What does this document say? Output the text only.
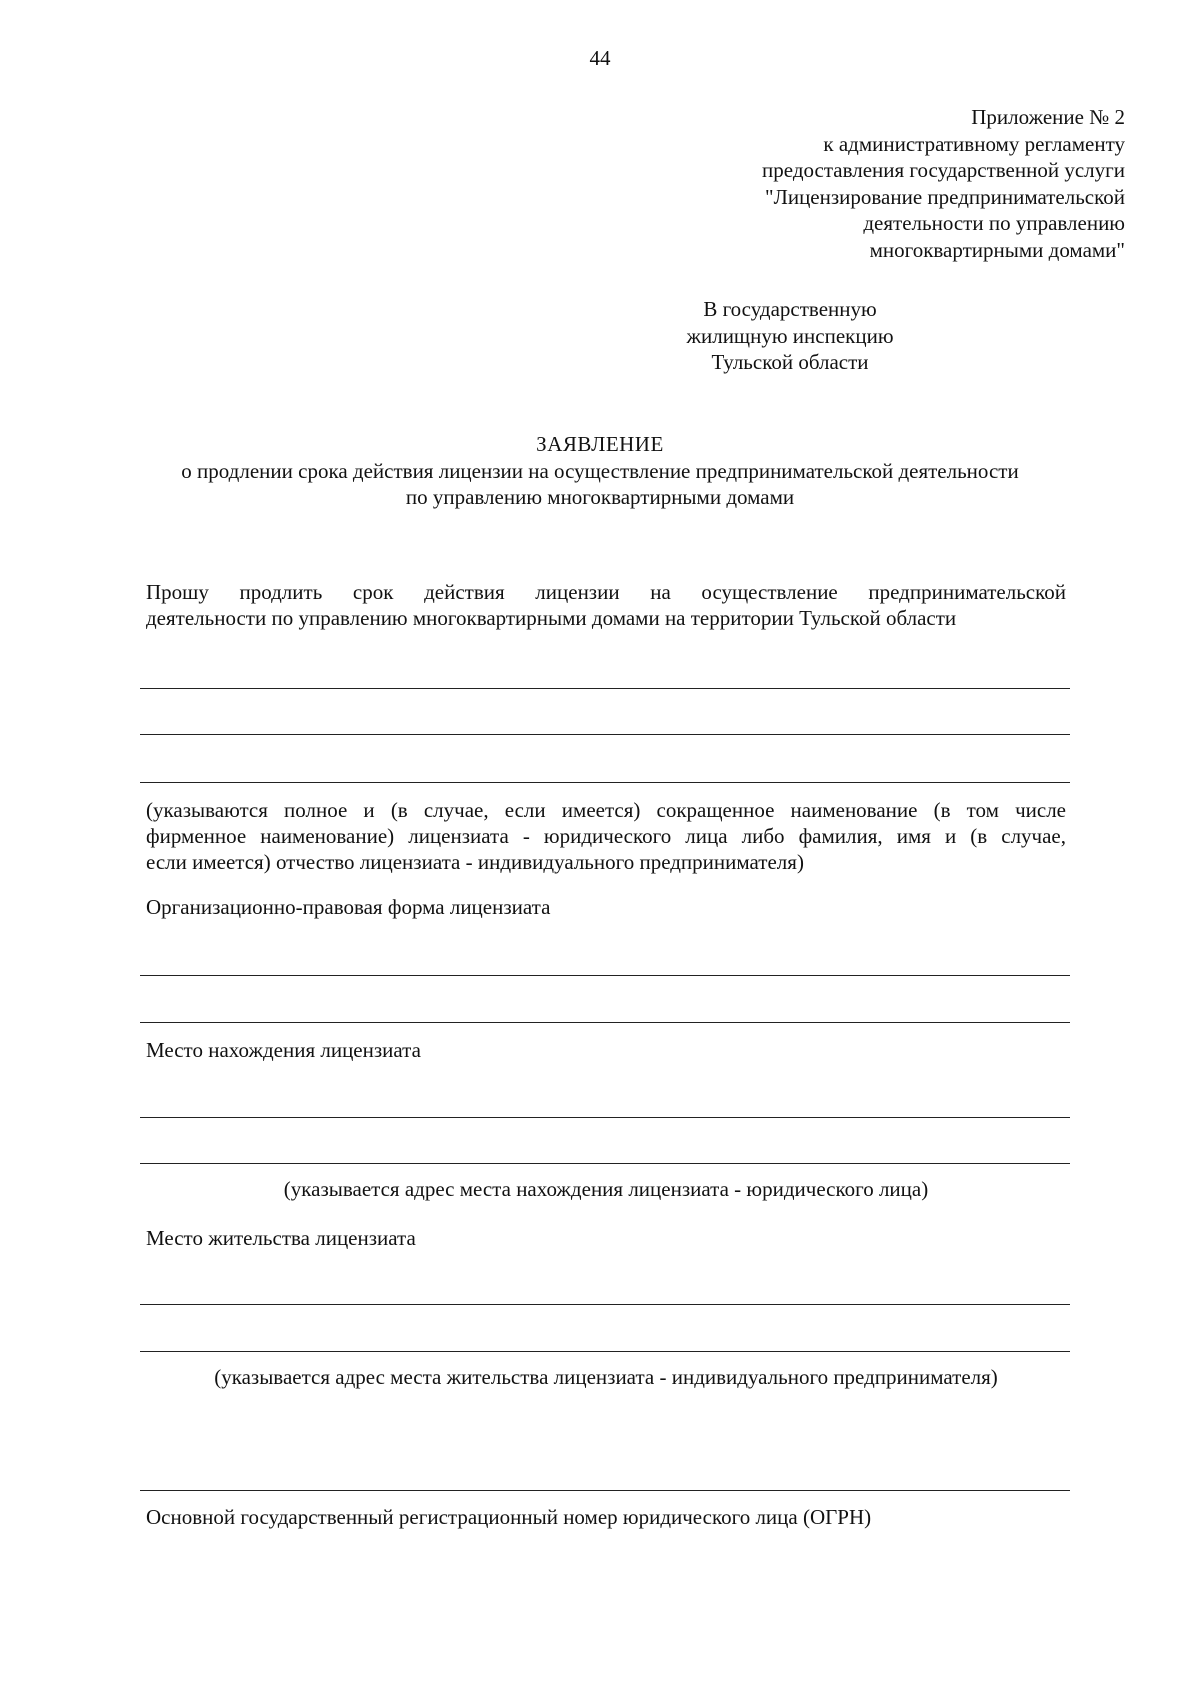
44
Приложение № 2
к административному регламенту
предоставления государственной услуги
"Лицензирование предпринимательской
деятельности по управлению
многоквартирными домами"
В государственную
жилищную инспекцию
Тульской области
ЗАЯВЛЕНИЕ
о продлении срока действия лицензии на осуществление предпринимательской деятельности
по управлению многоквартирными домами
Прошу продлить срок действия лицензии на осуществление предпринимательской
деятельности по управлению многоквартирными домами на территории Тульской области
(указываются полное и (в случае, если имеется) сокращенное наименование (в том числе
фирменное наименование) лицензиата - юридического лица либо фамилия, имя и (в случае,
если имеется) отчество лицензиата - индивидуального предпринимателя)
Организационно-правовая форма лицензиата
Место нахождения лицензиата
(указывается адрес места нахождения лицензиата - юридического лица)
Место жительства лицензиата
(указывается адрес места жительства лицензиата - индивидуального предпринимателя)
Основной государственный регистрационный номер юридического лица (ОГРН)
